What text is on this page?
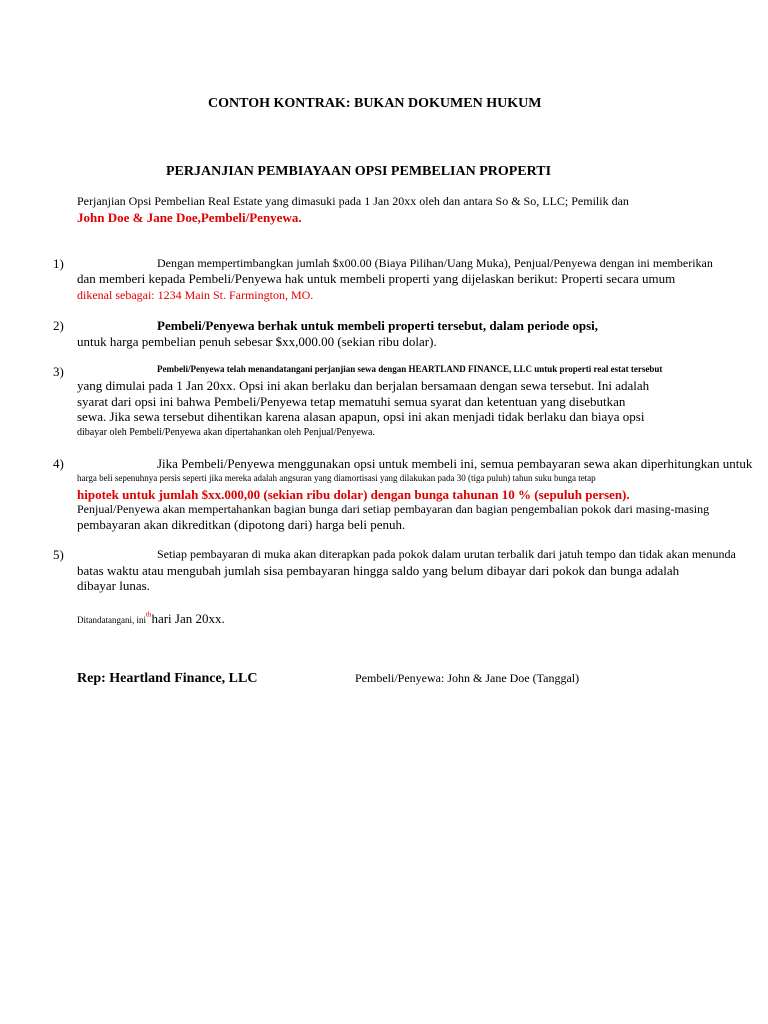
CONTOH KONTRAK: BUKAN DOKUMEN HUKUM
PERJANJIAN PEMBIAYAAN OPSI PEMBELIAN PROPERTI
Perjanjian Opsi Pembelian Real Estate yang dimasuki pada 1 Jan 20xx oleh dan antara So & So, LLC; Pemilik dan
John Doe & Jane Doe,Pembeli/Penyewa.
1)	Dengan mempertimbangkan jumlah $x00.00 (Biaya Pilihan/Uang Muka), Penjual/Penyewa dengan ini memberikan
dan memberi kepada Pembeli/Penyewa hak untuk membeli properti yang dijelaskan berikut: Properti secara umum
dikenal sebagai: 1234 Main St. Farmington, MO.
2)	Pembeli/Penyewa berhak untuk membeli properti tersebut, dalam periode opsi,
untuk harga pembelian penuh sebesar $xx,000.00 (sekian ribu dolar).
3)	Pembeli/Penyewa telah menandatangani perjanjian sewa dengan HEARTLAND FINANCE, LLC untuk properti real estat tersebut
yang dimulai pada 1 Jan 20xx. Opsi ini akan berlaku dan berjalan bersamaan dengan sewa tersebut. Ini adalah
syarat dari opsi ini bahwa Pembeli/Penyewa tetap mematuhi semua syarat dan ketentuan yang disebutkan
sewa. Jika sewa tersebut dihentikan karena alasan apapun, opsi ini akan menjadi tidak berlaku dan biaya opsi
dibayar oleh Pembeli/Penyewa akan dipertahankan oleh Penjual/Penyewa.
4)	Jika Pembeli/Penyewa menggunakan opsi untuk membeli ini, semua pembayaran sewa akan diperhitungkan untuk
harga beli sepenuhnya persis seperti jika mereka adalah angsuran yang diamortisasi yang dilakukan pada 30 (tiga puluh) tahun suku bunga tetap
hipotek untuk jumlah $xx.000,00 (sekian ribu dolar) dengan bunga tahunan 10 % (sepuluh persen).
Penjual/Penyewa akan mempertahankan bagian bunga dari setiap pembayaran dan bagian pengembalian pokok dari masing-masing
pembayaran akan dikreditkan (dipotong dari) harga beli penuh.
5)	Setiap pembayaran di muka akan diterapkan pada pokok dalam urutan terbalik dari jatuh tempo dan tidak akan menunda
batas waktu atau mengubah jumlah sisa pembayaran hingga saldo yang belum dibayar dari pokok dan bunga adalah
dibayar lunas.
Ditandatangani, ini$^{th}$hari Jan 20xx.
Rep: Heartland Finance, LLC	Pembeli/Penyewa: John & Jane Doe (Tanggal)
